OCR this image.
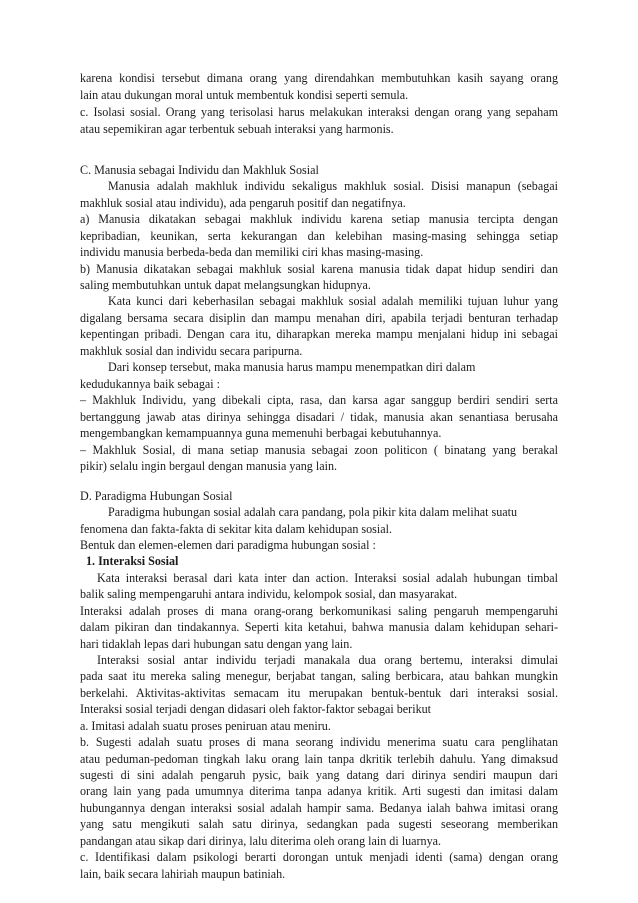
karena kondisi tersebut dimana orang yang direndahkan membutuhkan kasih sayang orang
lain atau dukungan moral untuk membentuk kondisi seperti semula.
c. Isolasi sosial. Orang yang terisolasi harus melakukan interaksi dengan orang yang sepaham
atau sepemikiran agar terbentuk sebuah interaksi yang harmonis.
C. Manusia sebagai Individu dan Makhluk Sosial
Manusia adalah makhluk individu sekaligus makhluk sosial. Disisi manapun (sebagai
makhluk sosial atau individu), ada pengaruh positif dan negatifnya.
a) Manusia dikatakan sebagai makhluk individu karena setiap manusia tercipta dengan
kepribadian, keunikan, serta kekurangan dan kelebihan masing-masing sehingga setiap
individu manusia berbeda-beda dan memiliki ciri khas masing-masing.
b) Manusia dikatakan sebagai makhluk sosial karena manusia tidak dapat hidup sendiri dan
saling membutuhkan untuk dapat melangsungkan hidupnya.
Kata kunci dari keberhasilan sebagai makhluk sosial adalah memiliki tujuan luhur yang
digalang bersama secara disiplin dan mampu menahan diri, apabila terjadi benturan terhadap
kepentingan pribadi. Dengan cara itu, diharapkan mereka mampu menjalani hidup ini sebagai
makhluk sosial dan individu secara paripurna.
Dari konsep tersebut, maka manusia harus mampu menempatkan diri dalam
kedudukannya baik sebagai :
– Makhluk Individu, yang dibekali cipta, rasa, dan karsa agar sanggup berdiri sendiri serta
bertanggung jawab atas dirinya sehingga disadari / tidak, manusia akan senantiasa berusaha
mengembangkan kemampuannya guna memenuhi berbagai kebutuhannya.
– Makhluk Sosial, di mana setiap manusia sebagai zoon politicon ( binatang yang berakal
pikir) selalu ingin bergaul dengan manusia yang lain.
D. Paradigma Hubungan Sosial
Paradigma hubungan sosial adalah cara pandang, pola pikir kita dalam melihat suatu
fenomena dan fakta-fakta di sekitar kita dalam kehidupan sosial.
Bentuk dan elemen-elemen dari paradigma hubungan sosial :
1. Interaksi Sosial
Kata interaksi berasal dari kata inter dan action. Interaksi sosial adalah hubungan timbal
balik saling mempengaruhi antara individu, kelompok sosial, dan masyarakat.
Interaksi adalah proses di mana orang-orang berkomunikasi saling pengaruh mempengaruhi
dalam pikiran dan tindakannya. Seperti kita ketahui, bahwa manusia dalam kehidupan sehari-
hari tidaklah lepas dari hubungan satu dengan yang lain.
Interaksi sosial antar individu terjadi manakala dua orang bertemu, interaksi dimulai
pada saat itu mereka saling menegur, berjabat tangan, saling berbicara, atau bahkan mungkin
berkelahi. Aktivitas-aktivitas semacam itu merupakan bentuk-bentuk dari interaksi sosial.
Interaksi sosial terjadi dengan didasari oleh faktor-faktor sebagai berikut
a. Imitasi adalah suatu proses peniruan atau meniru.
b. Sugesti adalah suatu proses di mana seorang individu menerima suatu cara penglihatan
atau peduman-pedoman tingkah laku orang lain tanpa dkritik terlebih dahulu. Yang dimaksud
sugesti di sini adalah pengaruh pysic, baik yang datang dari dirinya sendiri maupun dari
orang lain yang pada umumnya diterima tanpa adanya kritik. Arti sugesti dan imitasi dalam
hubungannya dengan interaksi sosial adalah hampir sama. Bedanya ialah bahwa imitasi orang
yang satu mengikuti salah satu dirinya, sedangkan pada sugesti seseorang memberikan
pandangan atau sikap dari dirinya, lalu diterima oleh orang lain di luarnya.
c. Identifikasi dalam psikologi berarti dorongan untuk menjadi identi (sama) dengan orang
lain, baik secara lahiriah maupun batiniah.
